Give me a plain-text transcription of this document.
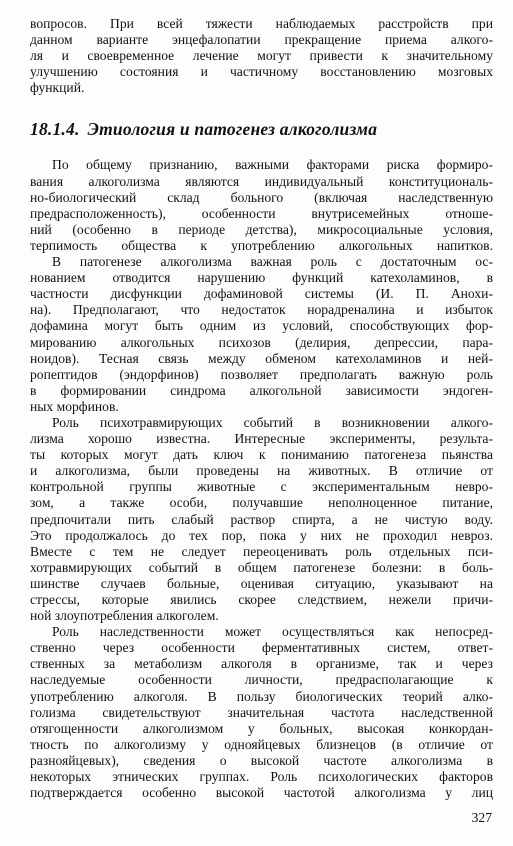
вопросов. При всей тяжести наблюдаемых расстройств при
данном варианте энцефалопатии прекращение приема алкого-
ля и своевременное лечение могут привести к значительному
улучшению состояния и частичному восстановлению мозговых
функций.
18.1.4. Этиология и патогенез алкоголизма
По общему признанию, важными факторами риска формиро-
вания алкоголизма являются индивидуальный конституциональ-
но-биологический склад больного (включая наследственную
предрасположенность), особенности внутрисемейных отноше-
ний (особенно в периоде детства), микросоциальные условия,
терпимость общества к употреблению алкогольных напитков.
В патогенезе алкоголизма важная роль с достаточным ос-
нованием отводится нарушению функций катехоламинов, в
частности дисфункции дофаминовой системы (И. П. Анохи-
на). Предполагают, что недостаток норадреналина и избыток
дофамина могут быть одним из условий, способствующих фор-
мированию алкогольных психозов (делирия, депрессии, пара-
ноидов). Тесная связь между обменом катехоламинов и ней-
ропептидов (эндорфинов) позволяет предполагать важную роль
в формировании синдрома алкогольной зависимости эндоген-
ных морфинов.
Роль психотравмирующих событий в возникновении алкого-
лизма хорошо известна. Интересные эксперименты, результа-
ты которых могут дать ключ к пониманию патогенеза пьянства
и алкоголизма, были проведены на животных. В отличие от
контрольной группы животные с экспериментальным невро-
зом, а также особи, получавшие неполноценное питание,
предпочитали пить слабый раствор спирта, а не чистую воду.
Это продолжалось до тех пор, пока у них не проходил невроз.
Вместе с тем не следует переоценивать роль отдельных пси-
хотравмирующих событий в общем патогенезе болезни: в боль-
шинстве случаев больные, оценивая ситуацию, указывают на
стрессы, которые явились скорее следствием, нежели причи-
ной злоупотребления алкоголем.
Роль наследственности может осуществляться как непосред-
ственно через особенности ферментативных систем, ответ-
ственных за метаболизм алкоголя в организме, так и через
наследуемые особенности личности, предрасполагающие к
употреблению алкоголя. В пользу биологических теорий алко-
голизма свидетельствуют значительная частота наследственной
отягощенности алкоголизмом у больных, высокая конкордан-
тность по алкоголизму у однояйцевых близнецов (в отличие от
разнояйцевых), сведения о высокой частоте алкоголизма в
некоторых этнических группах. Роль психологических факторов
подтверждается особенно высокой частотой алкоголизма у лиц
327
